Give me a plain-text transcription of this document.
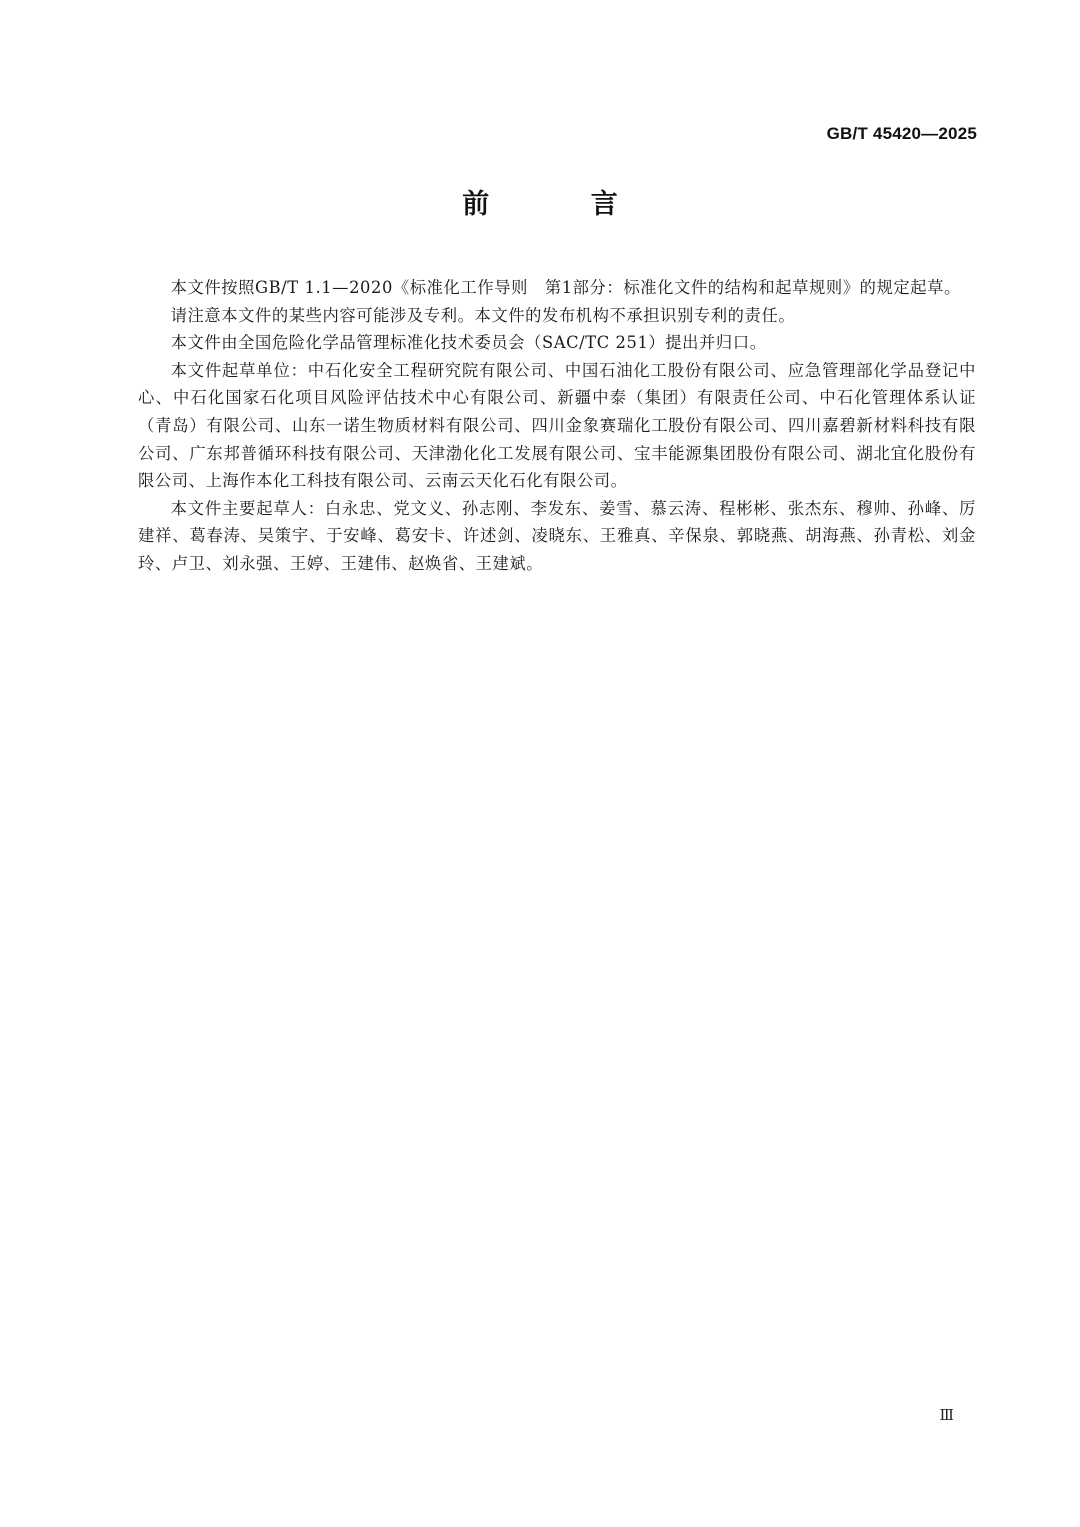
GB/T 45420—2025
前 言

本文件按照GB/T 1.1—2020《标准化工作导则　第1部分：标准化文件的结构和起草规则》的规定起草。

请注意本文件的某些内容可能涉及专利。本文件的发布机构不承担识别专利的责任。

本文件由全国危险化学品管理标准化技术委员会（SAC/TC 251）提出并归口。

本文件起草单位：中石化安全工程研究院有限公司、中国石油化工股份有限公司、应急管理部化学品登记中心、中石化国家石化项目风险评估技术中心有限公司、新疆中泰（集团）有限责任公司、中石化管理体系认证（青岛）有限公司、山东一诺生物质材料有限公司、四川金象赛瑞化工股份有限公司、四川嘉碧新材料科技有限公司、广东邦普循环科技有限公司、天津渤化化工发展有限公司、宝丰能源集团股份有限公司、湖北宜化股份有限公司、上海作本化工科技有限公司、云南云天化石化有限公司。

本文件主要起草人：白永忠、党文义、孙志刚、李发东、姜雪、慕云涛、程彬彬、张杰东、穆帅、孙峰、厉建祥、葛春涛、吴策宇、于安峰、葛安卡、许述剑、凌晓东、王雅真、辛保泉、郭晓燕、胡海燕、孙青松、刘金玲、卢卫、刘永强、王婷、王建伟、赵焕省、王建斌。

Ⅲ
